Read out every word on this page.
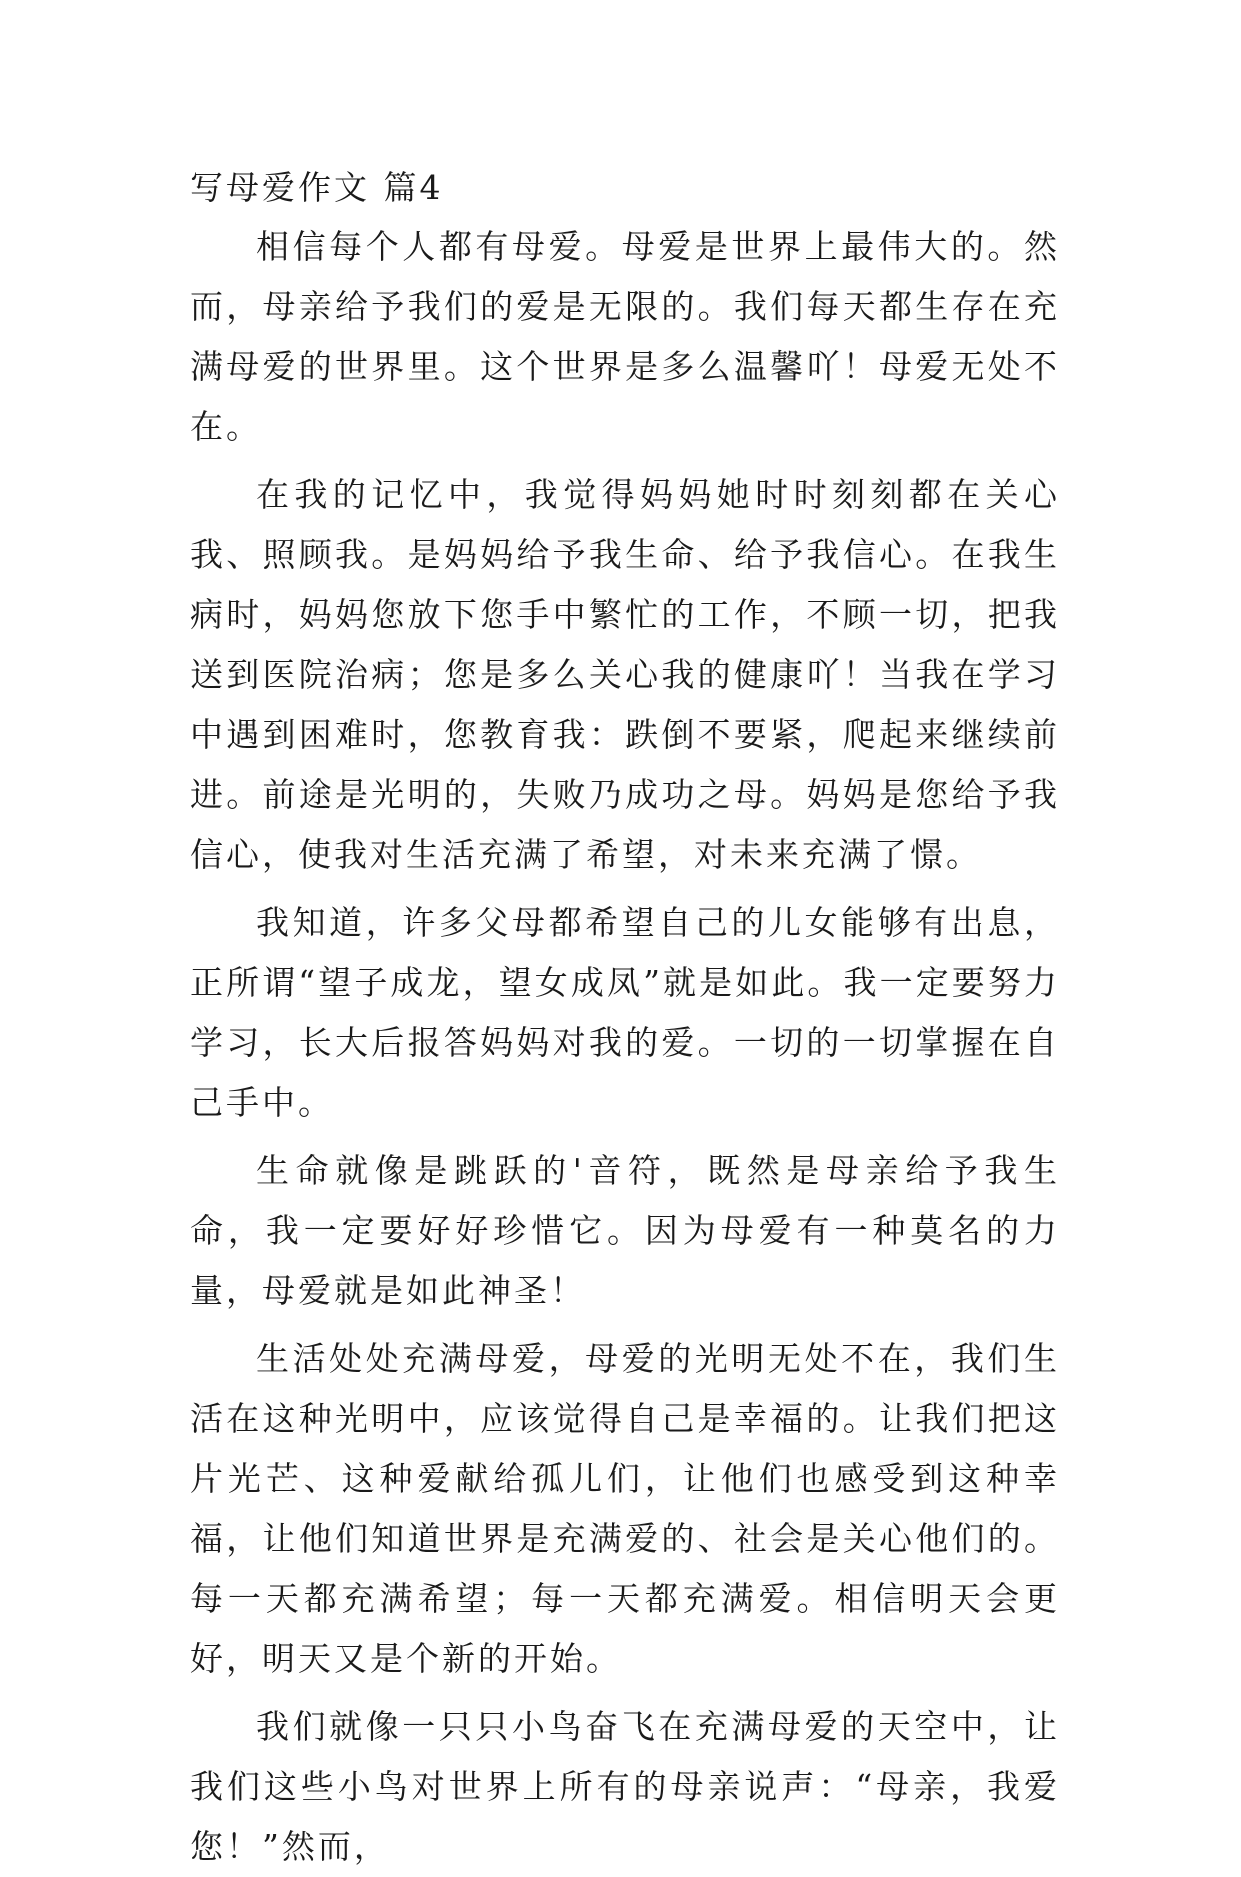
写母爱作文 篇4

相信每个人都有母爱。母爱是世界上最伟大的。然而，母亲给予我们的爱是无限的。我们每天都生存在充满母爱的世界里。这个世界是多么温馨吖！母爱无处不在。

在我的记忆中，我觉得妈妈她时时刻刻都在关心我、照顾我。是妈妈给予我生命、给予我信心。在我生病时，妈妈您放下您手中繁忙的工作，不顾一切，把我送到医院治病；您是多么关心我的健康吖！当我在学习中遇到困难时，您教育我：跌倒不要紧，爬起来继续前进。前途是光明的，失败乃成功之母。妈妈是您给予我信心，使我对生活充满了希望，对未来充满了憬。

我知道，许多父母都希望自己的儿女能够有出息，正所谓“望子成龙，望女成凤”就是如此。我一定要努力学习，长大后报答妈妈对我的爱。一切的一切掌握在自己手中。

生命就像是跳跃的'音符，既然是母亲给予我生命，我一定要好好珍惜它。因为母爱有一种莫名的力量，母爱就是如此神圣！

生活处处充满母爱，母爱的光明无处不在，我们生活在这种光明中，应该觉得自己是幸福的。让我们把这片光芒、这种爱献给孤儿们，让他们也感受到这种幸福，让他们知道世界是充满爱的、社会是关心他们的。每一天都充满希望；每一天都充满爱。相信明天会更好，明天又是个新的开始。

我们就像一只只小鸟奋飞在充满母爱的天空中，让我们这些小鸟对世界上所有的母亲说声：“母亲，我爱您！”然而，
